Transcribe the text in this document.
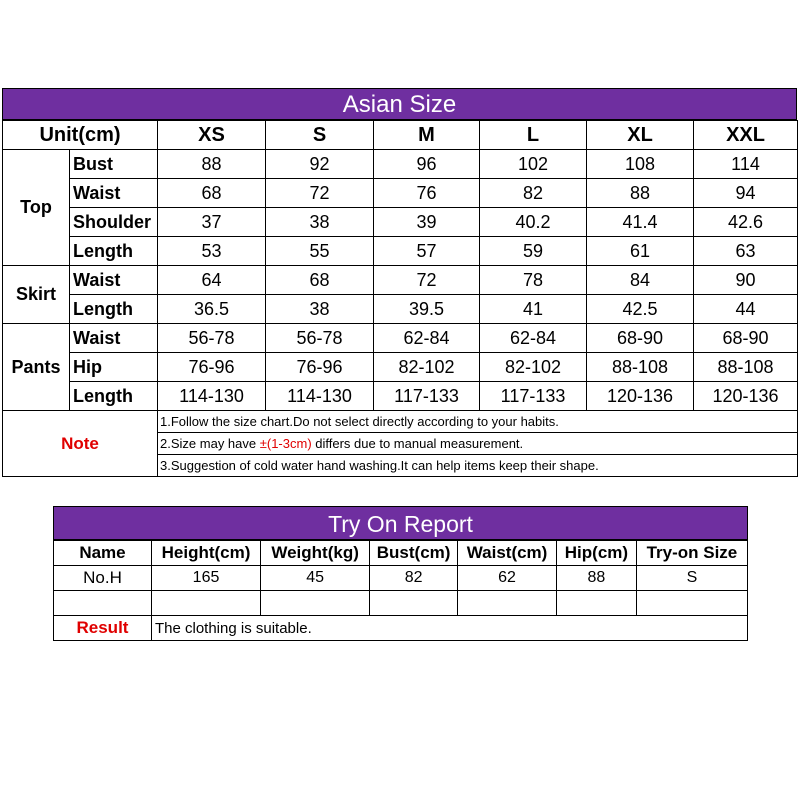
Asian Size
Unit(cm)		XS	S	M	L	XL	XXL
Top	Bust	88	92	96	102	108	114
	Waist	68	72	76	82	88	94
	Shoulder	37	38	39	40.2	41.4	42.6
	Length	53	55	57	59	61	63
Skirt	Waist	64	68	72	78	84	90
	Length	36.5	38	39.5	41	42.5	44
Pants	Waist	56-78	56-78	62-84	62-84	68-90	68-90
	Hip	76-96	76-96	82-102	82-102	88-108	88-108
	Length	114-130	114-130	117-133	117-133	120-136	120-136
Note		1.Follow the size chart.Do not select directly according to your habits.					
		2.Size may have ±(1-3cm) differs due to manual measurement.					
		3.Suggestion of cold water hand washing.It can help items keep their shape.					
Try On Report
Name	Height(cm)	Weight(kg)	Bust(cm)	Waist(cm)	Hip(cm)	Try-on Size
No.H	165	45	82	62	88	S

Result	The clothing is suitable.					
